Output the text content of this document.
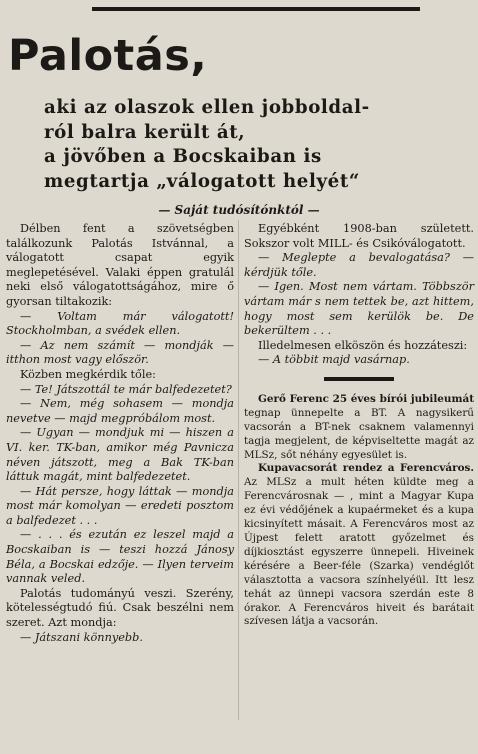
Palotás,
aki az olaszok ellen jobboldal-
ról balra került át,
a jövőben a Bocskaiban is
megtartja „válogatott helyét“
— Saját tudósítónktól —

Délben fent a szövetségben találkozunk Palotás Istvánnal, a válogatott csapat egyik meglepetésével. Valaki éppen gratulál neki első válogatottságához, mire ő gyorsan tiltakozik:

— Voltam már válogatott! Stockholmban, a svédek ellen.

— Az nem számít — mondják — itthon most vagy először.

Közben megkérdik tőle:

— Te! Játszottál te már balfedezetet?

— Nem, még sohasem — mondja nevetve — majd megpróbálom most.

— Ugyan — mondjuk mi — hiszen a VI. ker. TK-ban, amikor még Pavnicza néven játszott, meg a Bak TK-ban láttuk magát, mint balfedezetet.

— Hát persze, hogy láttak — mondja most már komolyan — eredeti posztom a balfedezet . . .

— . . . és ezután ez leszel majd a Bocskaiban is — teszi hozzá Jánosy Béla, a Bocskai edzője. — Ilyen terveim vannak veled.

Palotás tudományú veszi. Szerény, kötelességtudó fiú. Csak beszélni nem szeret. Azt mondja:

— Játszani könnyebb.

Egyébként 1908-ban született. Sokszor volt MILL- és Csikóválogatott.

— Meglepte a bevalogatása? — kérdjük tőle.

— Igen. Most nem vártam. Többször vártam már s nem tettek be, azt hittem, hogy most sem kerülök be. De bekerültem . . .

Illedelmesen elköszön és hozzáteszi:

— A többit majd vasárnap.

Gerő Ferenc 25 éves bírói jubileumát tegnap ünnepelte a BT. A nagysikerű vacsorán a BT-nek csaknem valamennyi tagja megjelent, de képviseltette magát az MLSz, sőt néhány egyesület is.

Kupavacsorát rendez a Ferencváros. Az MLSz a mult héten küldte meg a Ferencvárosnak — , mint a Magyar Kupa ez évi védőjének a kupaérmeket és a kupa kicsinyített másait. A Ferencváros most az Újpest felett aratott győzelmet és díjkiosztást egyszerre ünnepeli. Hiveinek kérésére a Beer-féle (Szarka) vendéglőt választotta a vacsora színhelyéül. Itt lesz tehát az ünnepi vacsora szerdán este 8 órakor. A Ferencváros hiveit és barátait szívesen látja a vacsorán.
